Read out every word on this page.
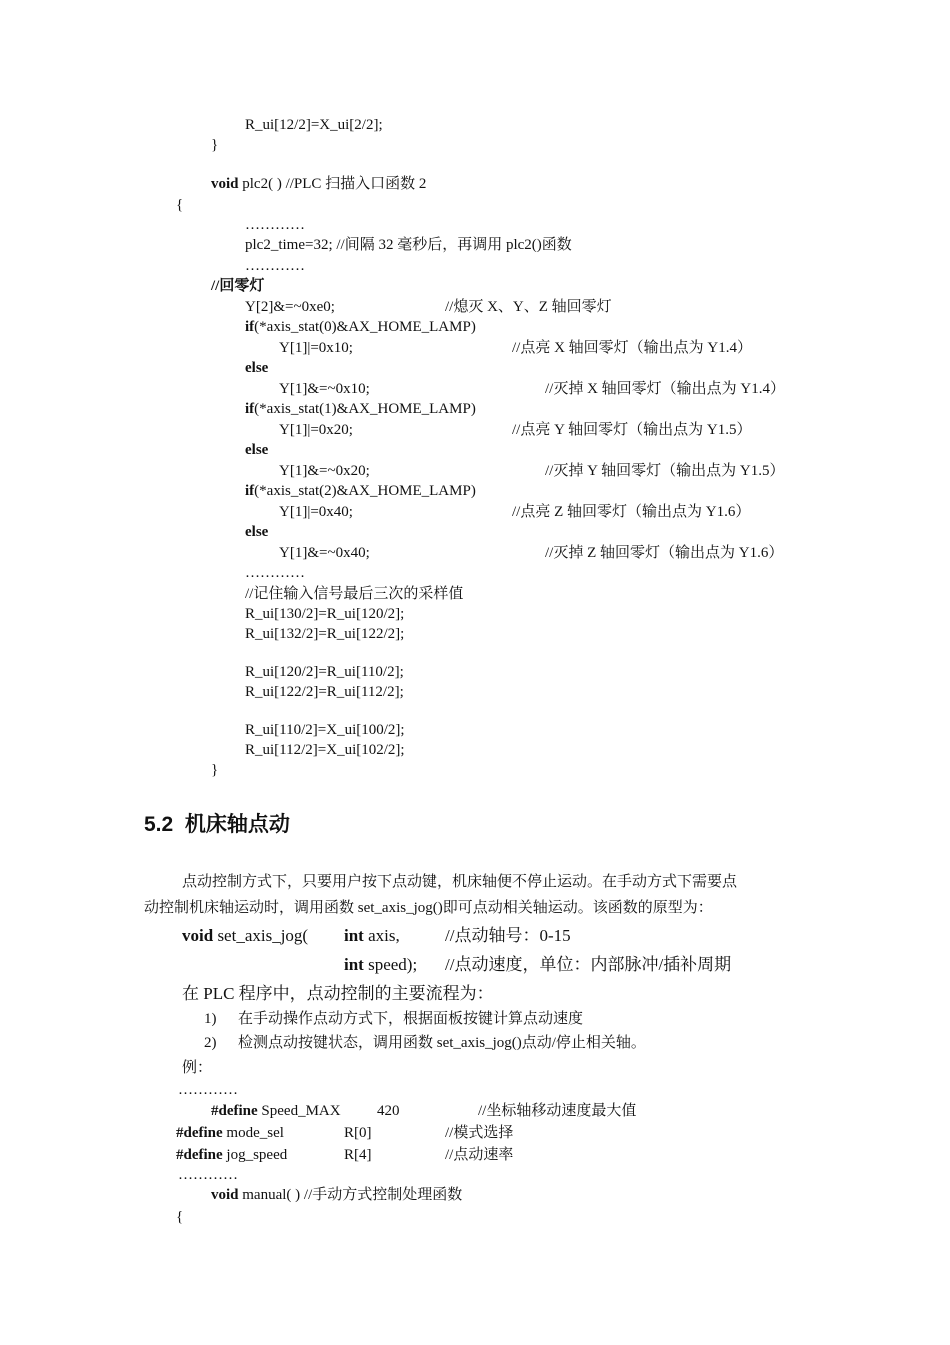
R_ui[12/2]=X_ui[2/2];
}
void plc2( ) //PLC 扫描入口函数 2
{
…………
plc2_time=32; //间隔 32 毫秒后，再调用 plc2()函数
…………
//回零灯
Y[2]&=~0xe0;	//熄灭 X、Y、Z 轴回零灯
if(*axis_stat(0)&AX_HOME_LAMP)
Y[1]|=0x10;	//点亮 X 轴回零灯（输出点为 Y1.4）
else
Y[1]&=~0x10;	//灭掉 X 轴回零灯（输出点为 Y1.4）
if(*axis_stat(1)&AX_HOME_LAMP)
Y[1]|=0x20;	//点亮 Y 轴回零灯（输出点为 Y1.5）
else
Y[1]&=~0x20;	//灭掉 Y 轴回零灯（输出点为 Y1.5）
if(*axis_stat(2)&AX_HOME_LAMP)
Y[1]|=0x40;	//点亮 Z 轴回零灯（输出点为 Y1.6）
else
Y[1]&=~0x40;	//灭掉 Z 轴回零灯（输出点为 Y1.6）
…………
//记住输入信号最后三次的采样值
R_ui[130/2]=R_ui[120/2];
R_ui[132/2]=R_ui[122/2];
R_ui[120/2]=R_ui[110/2];
R_ui[122/2]=R_ui[112/2];
R_ui[110/2]=X_ui[100/2];
R_ui[112/2]=X_ui[102/2];
}
5.2  机床轴点动
点动控制方式下，只要用户按下点动键，机床轴便不停止运动。在手动方式下需要点
动控制机床轴运动时，调用函数 set_axis_jog()即可点动相关轴运动。该函数的原型为：
void set_axis_jog( int axis,	//点动轴号：0-15
int speed); //点动速度，单位：内部脉冲/插补周期
在 PLC 程序中，点动控制的主要流程为：
1) 在手动操作点动方式下，根据面板按键计算点动速度
2) 检测点动按键状态，调用函数 set_axis_jog()点动/停止相关轴。
例：
…………
#define Speed_MAX 420	//坐标轴移动速度最大值
#define mode_sel	R[0]	//模式选择
#define jog_speed	R[4]	//点动速率
…………
void manual( ) //手动方式控制处理函数
{
